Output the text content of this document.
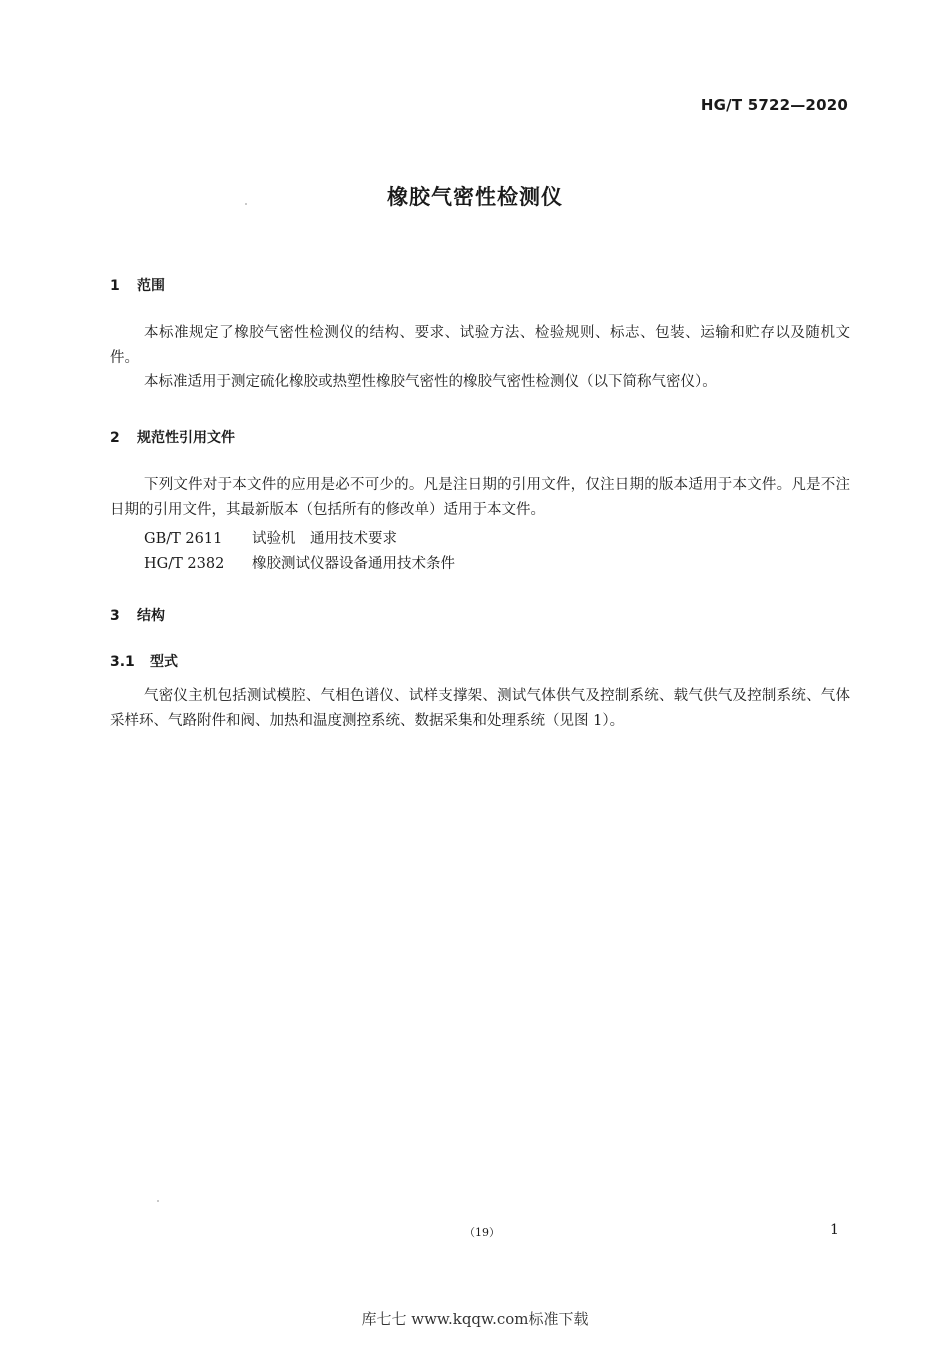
HG/T 5722—2020
橡胶气密性检测仪
1 范围

本标准规定了橡胶气密性检测仪的结构、要求、试验方法、检验规则、标志、包装、运输和贮存以及随机文件。

本标准适用于测定硫化橡胶或热塑性橡胶气密性的橡胶气密性检测仪（以下简称气密仪）。

2 规范性引用文件

下列文件对于本文件的应用是必不可少的。凡是注日期的引用文件，仅注日期的版本适用于本文件。凡是不注日期的引用文件，其最新版本（包括所有的修改单）适用于本文件。

GB/T 2611 试验机　通用技术要求
HG/T 2382 橡胶测试仪器设备通用技术条件
3 结构
3.1 型式

气密仪主机包括测试模腔、气相色谱仪、试样支撑架、测试气体供气及控制系统、载气供气及控制系统、气体采样环、气路附件和阀、加热和温度测控系统、数据采集和处理系统（见图 1）。

（19）	1
库七七 www.kqqw.com标准下载
